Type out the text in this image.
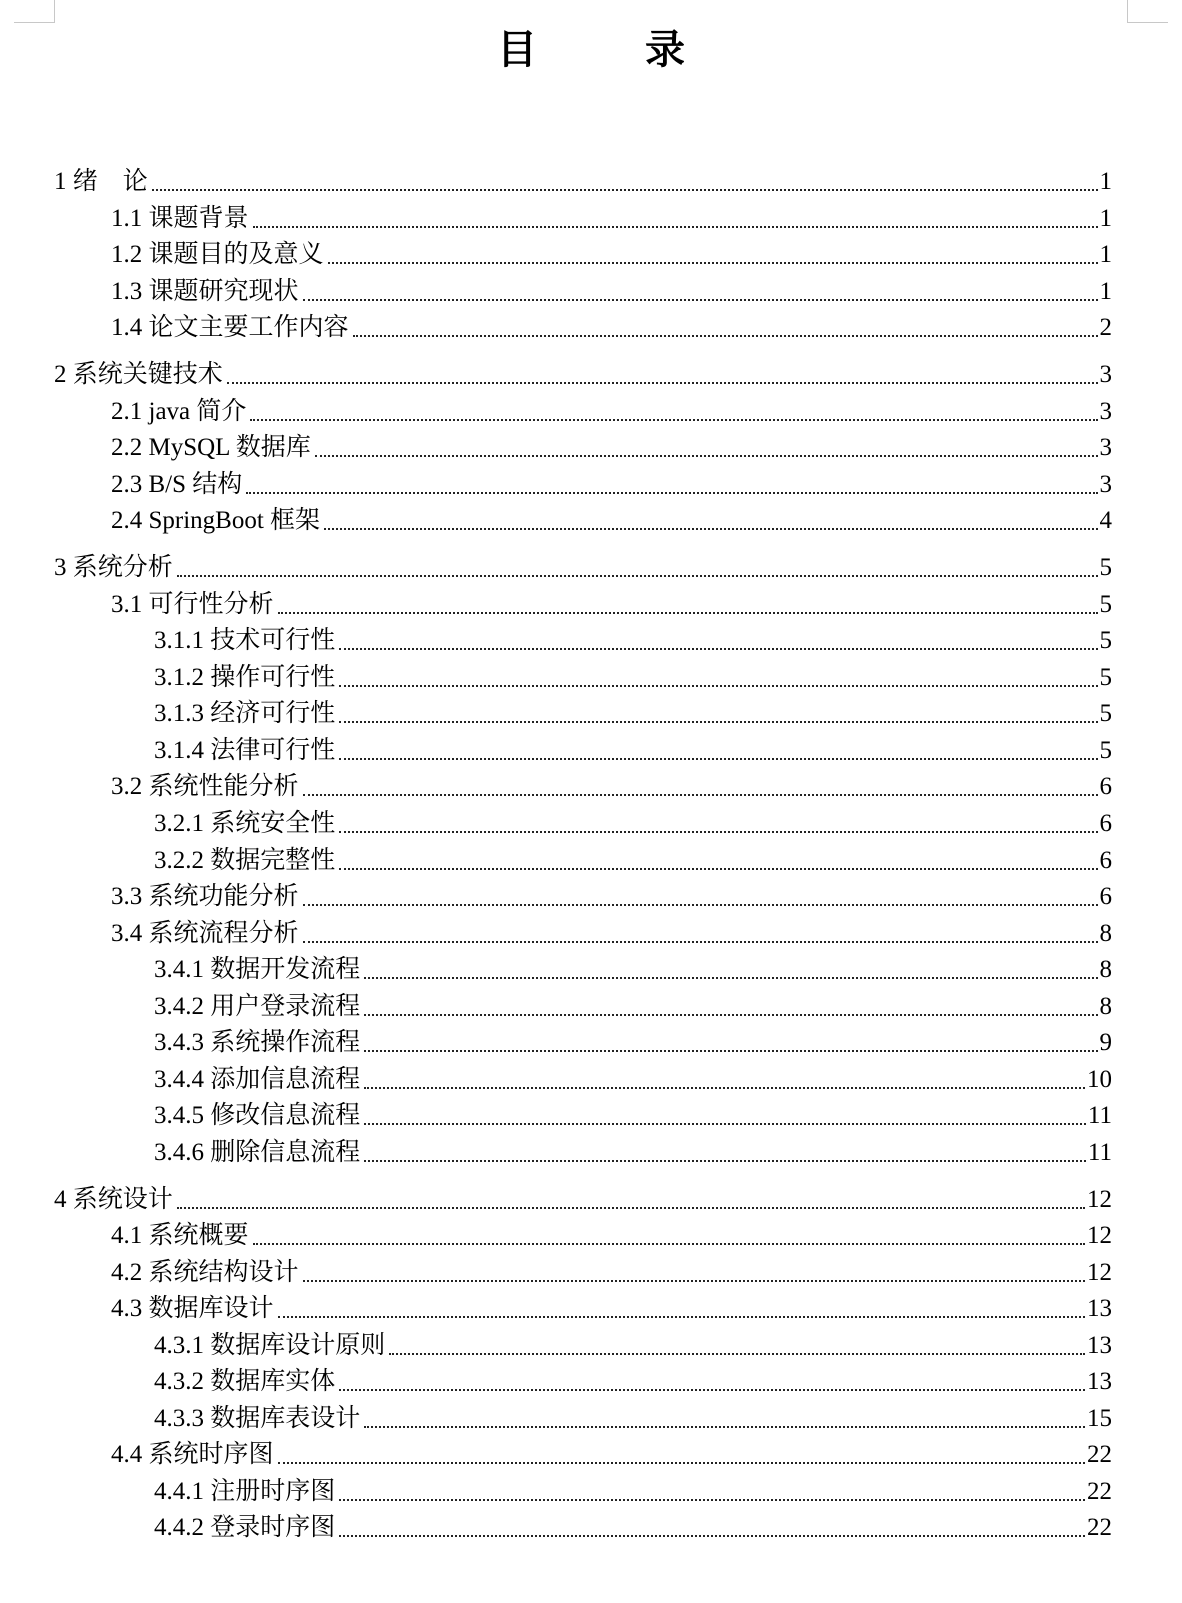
目　录
1 绪　论	1
1.1 课题背景	1
1.2 课题目的及意义	1
1.3 课题研究现状	1
1.4 论文主要工作内容	2
2 系统关键技术	3
2.1 java 简介	3
2.2 MySQL 数据库	3
2.3 B/S 结构	3
2.4 SpringBoot 框架	4
3 系统分析	5
3.1 可行性分析	5
3.1.1 技术可行性	5
3.1.2 操作可行性	5
3.1.3 经济可行性	5
3.1.4 法律可行性	5
3.2 系统性能分析	6
3.2.1 系统安全性	6
3.2.2 数据完整性	6
3.3 系统功能分析	6
3.4 系统流程分析	8
3.4.1 数据开发流程	8
3.4.2 用户登录流程	8
3.4.3 系统操作流程	9
3.4.4 添加信息流程	10
3.4.5 修改信息流程	11
3.4.6 删除信息流程	11
4 系统设计	12
4.1 系统概要	12
4.2 系统结构设计	12
4.3 数据库设计	13
4.3.1 数据库设计原则	13
4.3.2 数据库实体	13
4.3.3 数据库表设计	15
4.4 系统时序图	22
4.4.1 注册时序图	22
4.4.2 登录时序图	22
